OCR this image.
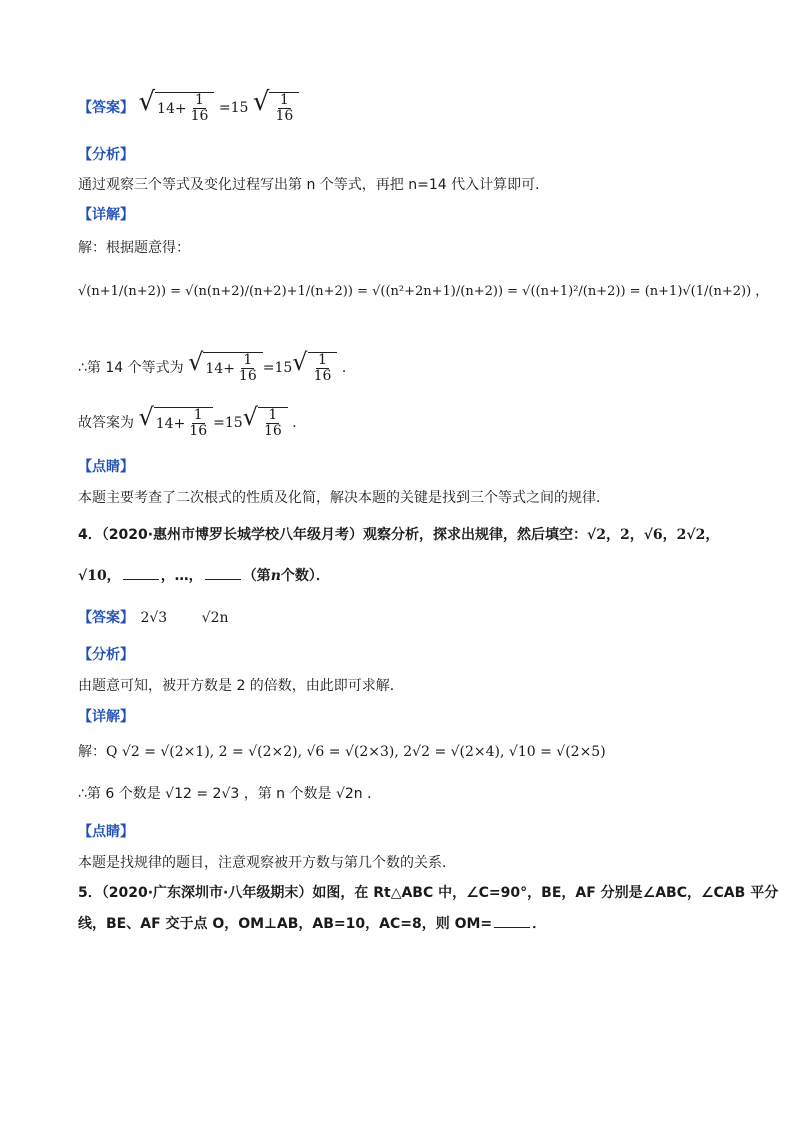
【答案】 √ $14+ \frac{1}{16} =15$ √ $\frac{1}{16}$
【分析】
通过观察三个等式及变化过程写出第 n 个等式，再把 n=14 代入计算即可．
【详解】
解：根据题意得：
√(n+1/(n+2)) = √(n(n+2)/(n+2)+1/(n+2)) = √((n²+2n+1)/(n+2)) = √((n+1)²/(n+2)) = (n+1)√(1/(n+2)) ，
∴第 14 个等式为 √ $14+ \frac{1}{16} =15$ √ $\frac{1}{16}$ ．
故答案为 √ $14+ \frac{1}{16} =15$ √ $\frac{1}{16}$ ．
【点睛】
本题主要考查了二次根式的性质及化简，解决本题的关键是找到三个等式之间的规律．
4．（2020·惠州市博罗长城学校八年级月考）观察分析，探求出规律，然后填空：√2，2，√6，2√2，
√10，	，…，	（第n个数）．
【答案】 2√3 √2n
【分析】
由题意可知，被开方数是 2 的倍数，由此即可求解．
【详解】
解：Q √2 = √(2×1), 2 = √(2×2), √6 = √(2×3), 2√2 = √(2×4), √10 = √(2×5)
∴第 6 个数是 √12 = 2√3 ，第 n 个数是 √2n ．
【点睛】
本题是找规律的题目，注意观察被开方数与第几个数的关系．
5．（2020·广东深圳市·八年级期末）如图，在 Rt△ABC 中，∠C=90°，BE，AF 分别是∠ABC，∠CAB 平分
线，BE、AF 交于点 O，OM⊥AB，AB=10，AC=8，则 OM=	．
